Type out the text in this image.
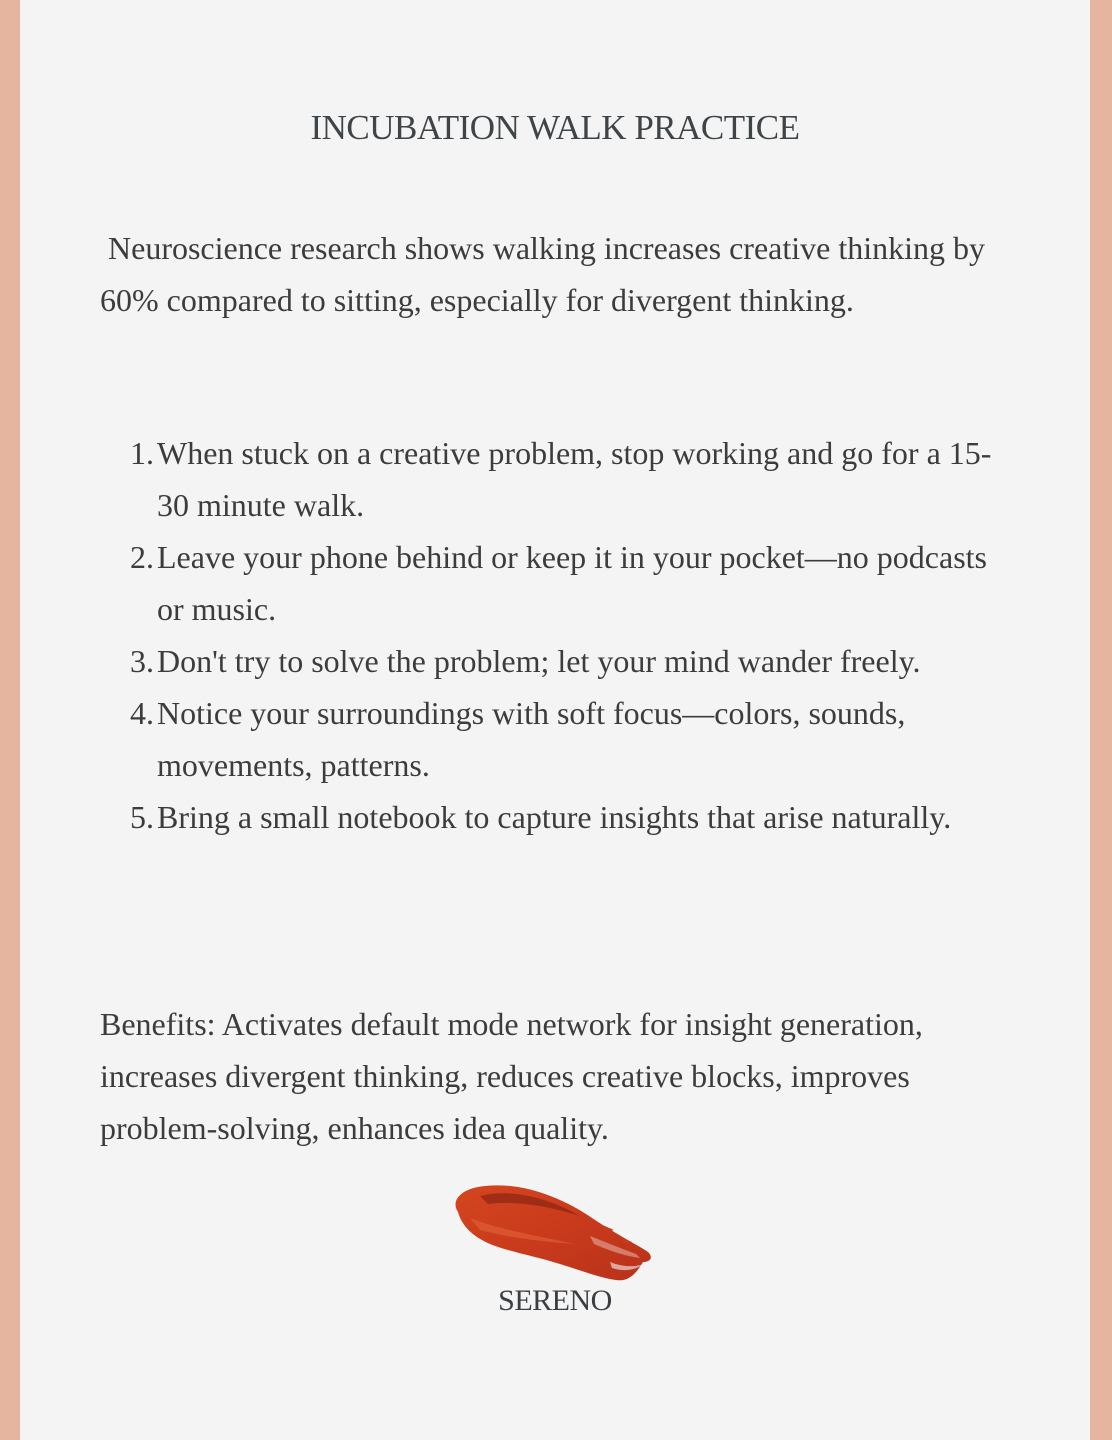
INCUBATION WALK PRACTICE

Neuroscience research shows walking increases creative thinking by 60% compared to sitting, especially for divergent thinking.

1. When stuck on a creative problem, stop working and go for a 15-30 minute walk.
2. Leave your phone behind or keep it in your pocket—no podcasts or music.
3. Don't try to solve the problem; let your mind wander freely.
4. Notice your surroundings with soft focus—colors, sounds, movements, patterns.
5. Bring a small notebook to capture insights that arise naturally.

Benefits: Activates default mode network for insight generation, increases divergent thinking, reduces creative blocks, improves problem-solving, enhances idea quality.

SERENO
